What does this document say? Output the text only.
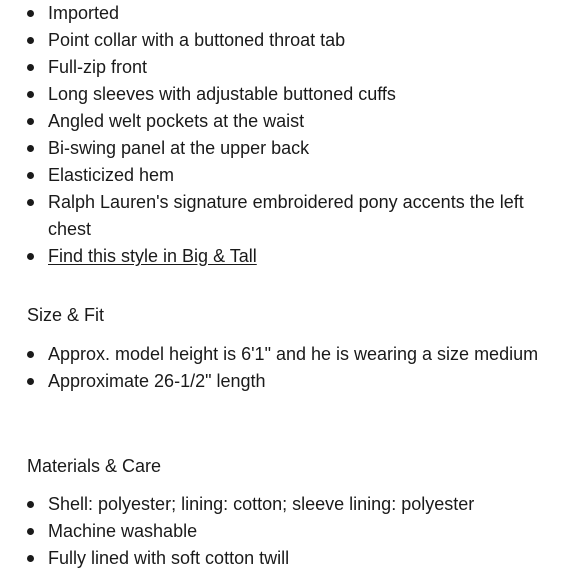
Imported
Point collar with a buttoned throat tab
Full-zip front
Long sleeves with adjustable buttoned cuffs
Angled welt pockets at the waist
Bi-swing panel at the upper back
Elasticized hem
Ralph Lauren's signature embroidered pony accents the left chest
Find this style in Big & Tall
Size & Fit
Approx. model height is 6'1" and he is wearing a size medium
Approximate 26-1/2" length
Materials & Care
Shell: polyester; lining: cotton; sleeve lining: polyester
Machine washable
Fully lined with soft cotton twill
